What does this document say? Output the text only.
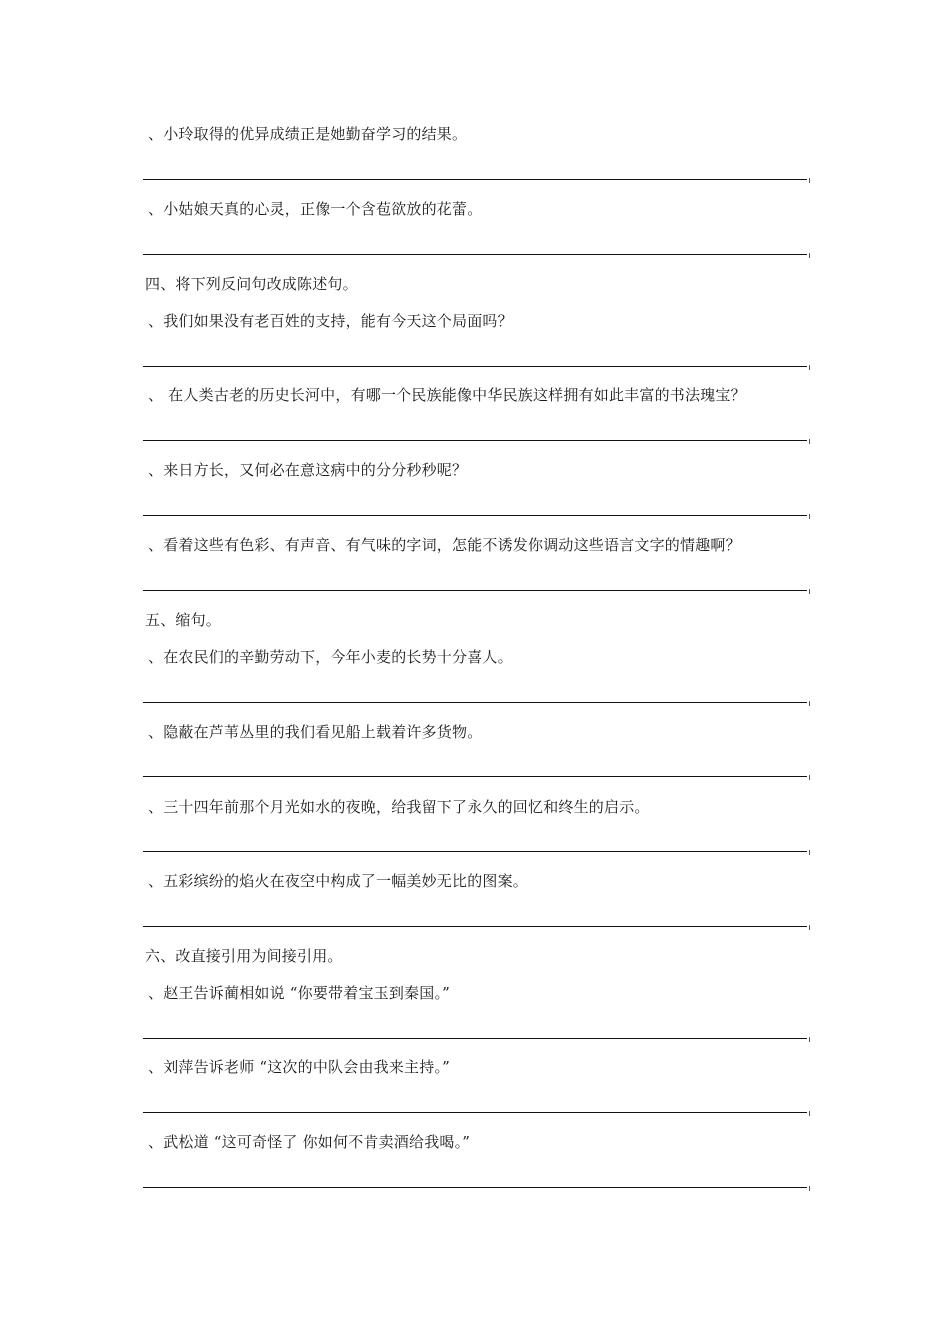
、小玲取得的优异成绩正是她勤奋学习的结果。
、小姑娘天真的心灵，正像一个含苞欲放的花蕾。
四、将下列反问句改成陈述句。
、我们如果没有老百姓的支持，能有今天这个局面吗？
、 在人类古老的历史长河中，有哪一个民族能像中华民族这样拥有如此丰富的书法瑰宝？
、来日方长，又何必在意这病中的分分秒秒呢？
、看着这些有色彩、有声音、有气味的字词，怎能不诱发你调动这些语言文字的情趣啊？
五、缩句。
、在农民们的辛勤劳动下，今年小麦的长势十分喜人。
、隐蔽在芦苇丛里的我们看见船上载着许多货物。
、三十四年前那个月光如水的夜晚，给我留下了永久的回忆和终生的启示。
、五彩缤纷的焰火在夜空中构成了一幅美妙无比的图案。
六、改直接引用为间接引用。
、赵王告诉蔺相如说 “你要带着宝玉到秦国。”
、刘萍告诉老师 “这次的中队会由我来主持。”
、武松道 “这可奇怪了 你如何不肯卖酒给我喝。”
